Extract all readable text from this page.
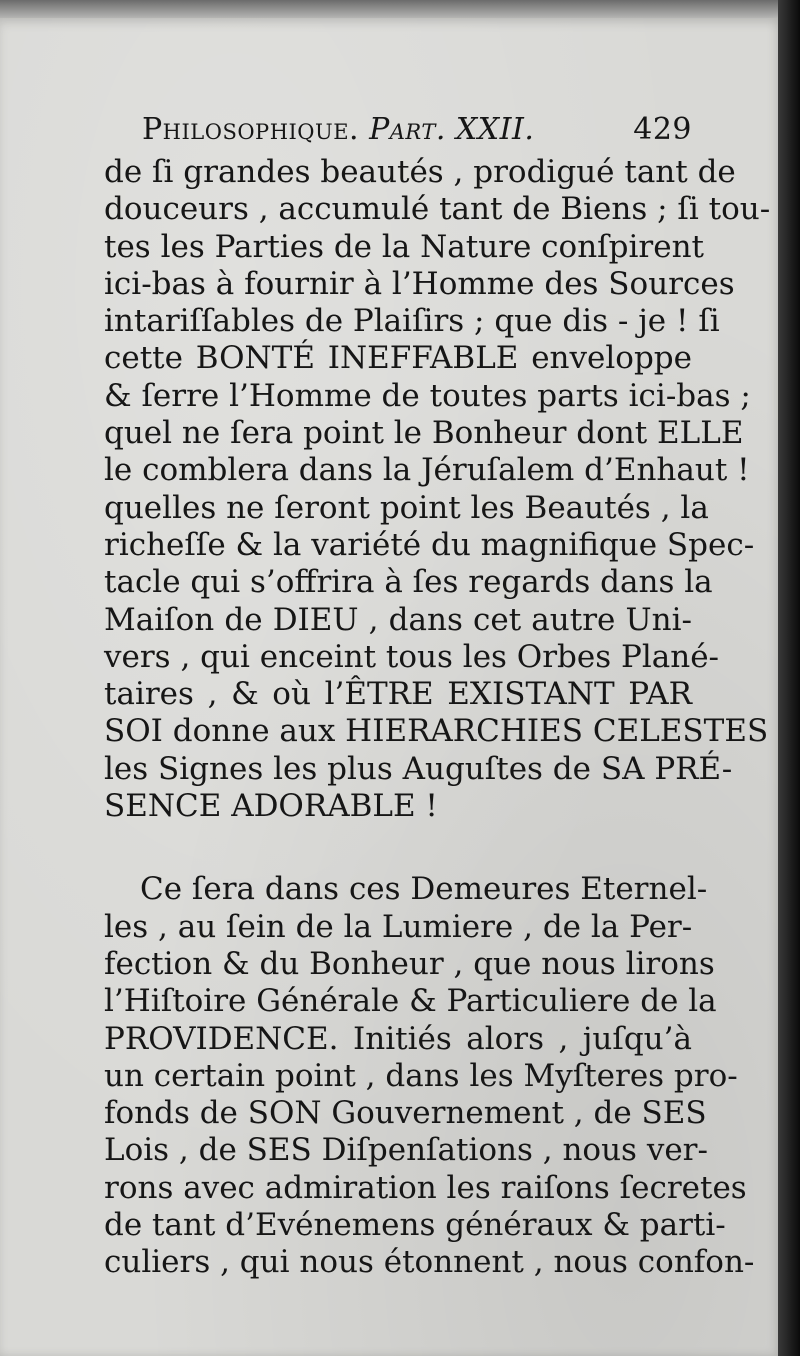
Philosophique. Part. XXII.	429
de ſi grandes beautés , prodigué tant de
douceurs , accumulé tant de Biens ; ſi tou-
tes les Parties de la Nature conſpirent
ici-bas à fournir à l’Homme des Sources
intariſſables de Plaiſirs ; que dis - je ! ſi
cette BONTÉ INEFFABLE enveloppe
& ſerre l’Homme de toutes parts ici-bas ;
quel ne ſera point le Bonheur dont ELLE
le comblera dans la Jéruſalem d’Enhaut !
quelles ne ſeront point les Beautés , la
richeſſe & la variété du magnifique Spec-
tacle qui s’offrira à ſes regards dans la
Maiſon de DIEU , dans cet autre Uni-
vers , qui enceint tous les Orbes Plané-
taires , & où l’ÊTRE EXISTANT PAR
SOI donne aux HIERARCHIES CELESTES
les Signes les plus Auguſtes de SA PRÉ-
SENCE ADORABLE !
Ce ſera dans ces Demeures Eternel-
les , au ſein de la Lumiere , de la Per-
fection & du Bonheur , que nous lirons
l’Hiſtoire Générale & Particuliere de la
PROVIDENCE. Initiés alors , juſqu’à
un certain point , dans les Myſteres pro-
fonds de SON Gouvernement , de SES
Lois , de SES Diſpenſations , nous ver-
rons avec admiration les raiſons ſecretes
de tant d’Evénemens généraux & parti-
culiers , qui nous étonnent , nous confon-
